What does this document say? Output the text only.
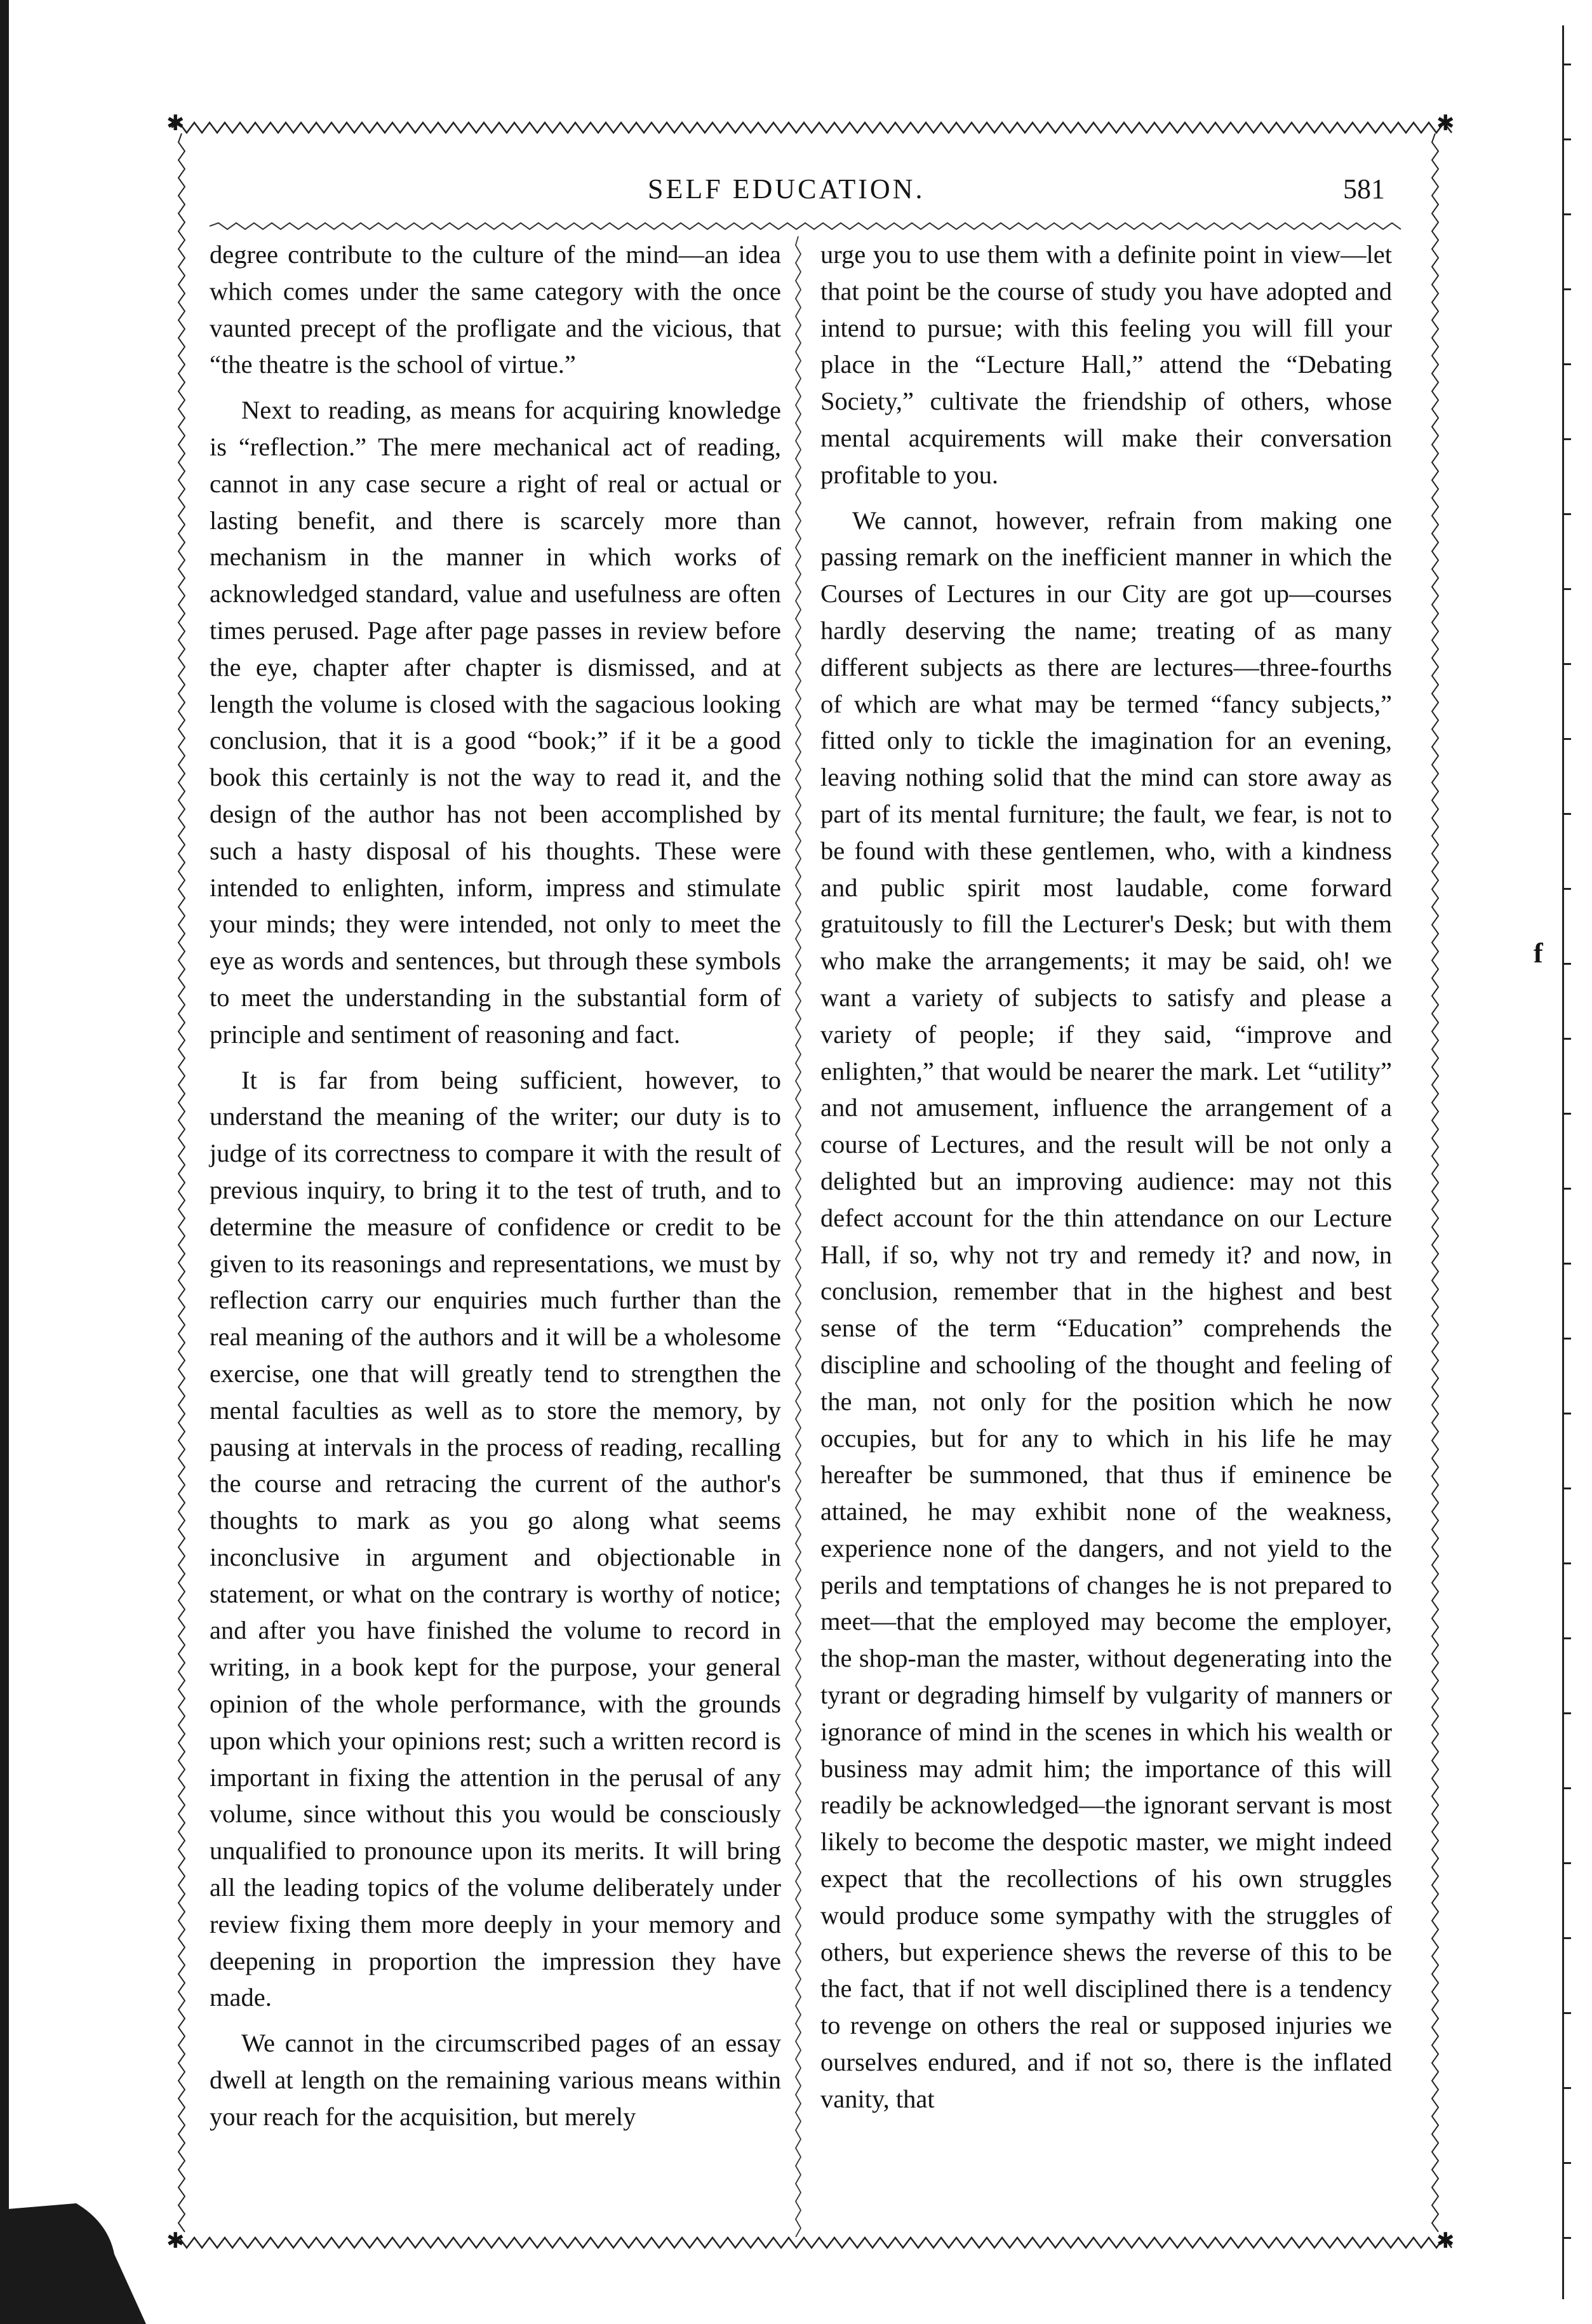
f
✱	✱
✱	✱
SELF EDUCATION.	581

degree contribute to the culture of the mind—an idea which comes under the same category with the once vaunted precept of the profligate and the vicious, that “the theatre is the school of virtue.”

Next to reading, as means for acquiring knowledge is “reflection.” The mere mechanical act of reading, cannot in any case secure a right of real or actual or lasting benefit, and there is scarcely more than mechanism in the manner in which works of acknowledged standard, value and usefulness are often times perused. Page after page passes in review before the eye, chapter after chapter is dismissed, and at length the volume is closed with the sagacious looking conclusion, that it is a good “book;” if it be a good book this certainly is not the way to read it, and the design of the author has not been accomplished by such a hasty disposal of his thoughts. These were intended to enlighten, inform, impress and stimulate your minds; they were intended, not only to meet the eye as words and sentences, but through these symbols to meet the understanding in the substantial form of principle and sentiment of reasoning and fact.

It is far from being sufficient, however, to understand the meaning of the writer; our duty is to judge of its correctness to compare it with the result of previous inquiry, to bring it to the test of truth, and to determine the measure of confidence or credit to be given to its reasonings and representations, we must by reflection carry our enquiries much further than the real meaning of the authors and it will be a wholesome exercise, one that will greatly tend to strengthen the mental faculties as well as to store the memory, by pausing at intervals in the process of reading, recalling the course and retracing the current of the author's thoughts to mark as you go along what seems inconclusive in argument and objectionable in statement, or what on the contrary is worthy of notice; and after you have finished the volume to record in writing, in a book kept for the purpose, your general opinion of the whole performance, with the grounds upon which your opinions rest; such a written record is important in fixing the attention in the perusal of any volume, since without this you would be consciously unqualified to pronounce upon its merits. It will bring all the leading topics of the volume deliberately under review fixing them more deeply in your memory and deepening in proportion the impression they have made.

We cannot in the circumscribed pages of an essay dwell at length on the remaining various means within your reach for the acquisition, but merely

urge you to use them with a definite point in view—let that point be the course of study you have adopted and intend to pursue; with this feeling you will fill your place in the “Lecture Hall,” attend the “Debating Society,” cultivate the friendship of others, whose mental acquirements will make their conversation profitable to you.

We cannot, however, refrain from making one passing remark on the inefficient manner in which the Courses of Lectures in our City are got up—courses hardly deserving the name; treating of as many different subjects as there are lectures—three-fourths of which are what may be termed “fancy subjects,” fitted only to tickle the imagination for an evening, leaving nothing solid that the mind can store away as part of its mental furniture; the fault, we fear, is not to be found with these gentlemen, who, with a kindness and public spirit most laudable, come forward gratuitously to fill the Lecturer's Desk; but with them who make the arrangements; it may be said, oh! we want a variety of subjects to satisfy and please a variety of people; if they said, “improve and enlighten,” that would be nearer the mark. Let “utility” and not amusement, influence the arrangement of a course of Lectures, and the result will be not only a delighted but an improving audience: may not this defect account for the thin attendance on our Lecture Hall, if so, why not try and remedy it? and now, in conclusion, remember that in the highest and best sense of the term “Education” comprehends the discipline and schooling of the thought and feeling of the man, not only for the position which he now occupies, but for any to which in his life he may hereafter be summoned, that thus if eminence be attained, he may exhibit none of the weakness, experience none of the dangers, and not yield to the perils and temptations of changes he is not prepared to meet—that the employed may become the employer, the shop-man the master, without degenerating into the tyrant or degrading himself by vulgarity of manners or ignorance of mind in the scenes in which his wealth or business may admit him; the importance of this will readily be acknowledged—the ignorant servant is most likely to become the despotic master, we might indeed expect that the recollections of his own struggles would produce some sympathy with the struggles of others, but experience shews the reverse of this to be the fact, that if not well disciplined there is a tendency to revenge on others the real or supposed injuries we ourselves endured, and if not so, there is the inflated vanity, that
